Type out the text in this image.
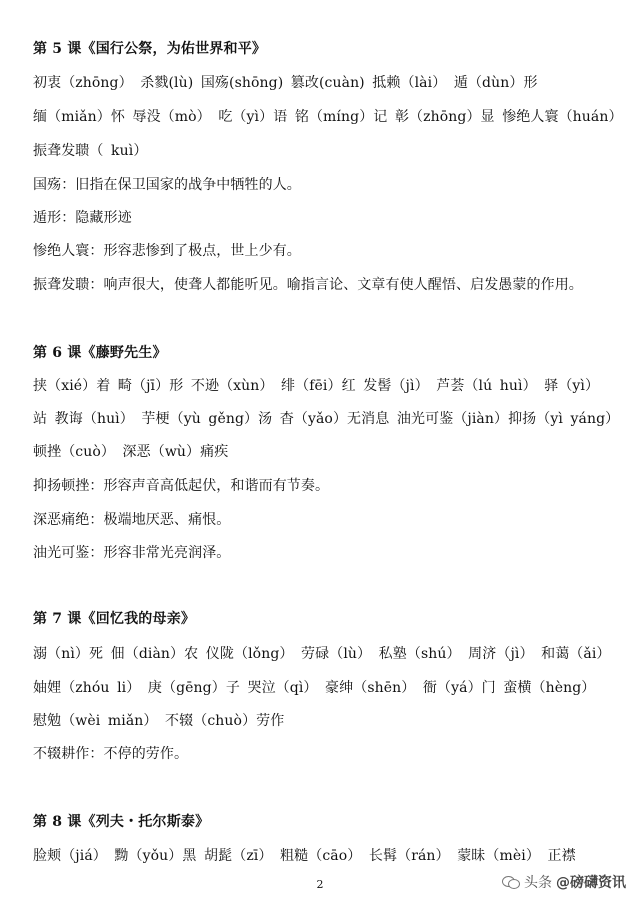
第 5 课《国行公祭，为佑世界和平》
初衷（zhōng） 杀戮(lù) 国殇(shōng) 篡改(cuàn) 抵赖（lài） 遁（dùn）形
缅（miǎn）怀 辱没（mò） 吃（yì）语 铭（míng）记 彰（zhōng）显 惨绝人寰（huán）
振聋发聩（ kuì）
国殇：旧指在保卫国家的战争中牺牲的人。
遁形：隐藏形迹
惨绝人寰：形容悲惨到了极点，世上少有。
振聋发聩：响声很大，使聋人都能听见。喻指言论、文章有使人醒悟、启发愚蒙的作用。
第 6 课《藤野先生》
挟（xié）着 畸（jī）形 不逊（xùn） 绯（fēi）红 发髻（jì） 芦荟（lú huì） 驿（yì）
站 教诲（huì） 芋梗（yù gěng）汤 杳（yǎo）无消息 油光可鉴（jiàn）抑扬（yì yáng）
顿挫（cuò） 深恶（wù）痛疾
抑扬顿挫：形容声音高低起伏，和谐而有节奏。
深恶痛绝：极端地厌恶、痛恨。
油光可鉴：形容非常光亮润泽。
第 7 课《回忆我的母亲》
溺（nì）死 佃（diàn）农 仪陇（lǒng） 劳碌（lù） 私塾（shú） 周济（jì） 和蔼（ǎi）
妯娌（zhóu li） 庚（gēng）子 哭泣（qì） 豪绅（shēn） 衙（yá）门 蛮横（hèng）
慰勉（wèi miǎn） 不辍（chuò）劳作
不辍耕作：不停的劳作。
第 8 课《列夫・托尔斯泰》
脸颊（jiá） 黝（yǒu）黑 胡髭（zī） 粗糙（cāo） 长髯（rán） 蒙昧（mèi） 正襟
2	头条 @磅礴资讯
